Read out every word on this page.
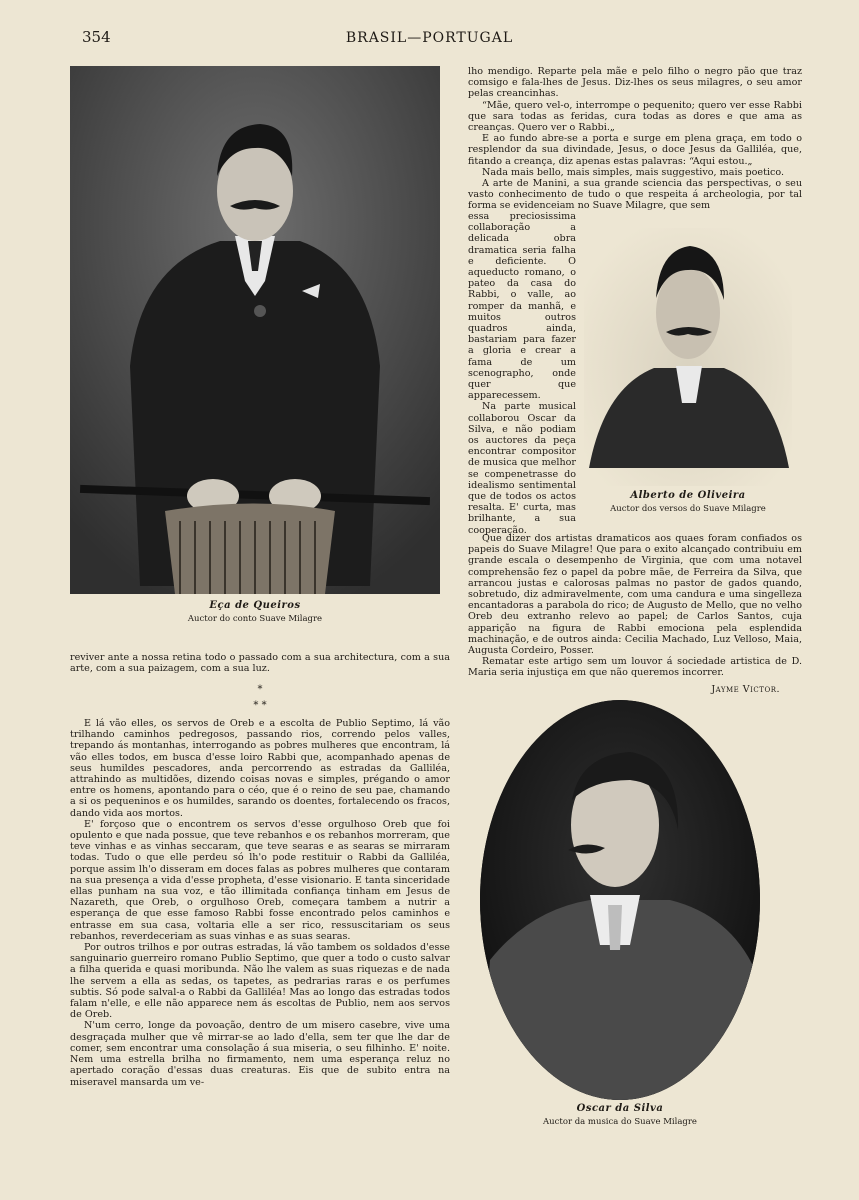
354	BRASIL—PORTUGAL
Eça de Queiros
Auctor do conto Suave Milagre

lho mendigo. Reparte pela mãe e pelo filho o negro pão que traz comsigo e fala-lhes de Jesus. Diz-lhes os seus milagres, o seu amor pelas creancinhas.

“Mãe, quero vel-o, interrompe o pequenito; quero ver esse Rabbi que sara todas as feridas, cura todas as dores e que ama as creanças. Quero ver o Rabbi.„

E ao fundo abre-se a porta e surge em plena graça, em todo o resplendor da sua divindade, Jesus, o doce Jesus da Galliléa, que, fitando a creança, diz apenas estas palavras: “Aqui estou.„

Nada mais bello, mais simples, mais suggestivo, mais poetico.

A arte de Manini, a sua grande sciencia das perspectivas, o seu vasto conhecimento de tudo o que respeita á archeologia, por tal forma se evidenceiam no Suave Milagre, que sem

essa preciosissima collaboração a delicada obra dramatica seria falha e deficiente. O aqueducto romano, o pateo da casa do Rabbi, o valle, ao romper da manhã, e muitos outros quadros ainda, bastariam para fazer a gloria e crear a fama de um scenographo, onde quer que apparecessem.

Na parte musical collaborou Oscar da Silva, e não podiam os auctores da peça encontrar compositor de musica que melhor se compenetrasse do idealismo sentimental que de todos os actos resalta. E' curta, mas brilhante, a sua cooperação.

Alberto de Oliveira
Auctor dos versos do Suave Milagre

Que dizer dos artistas dramaticos aos quaes foram confiados os papeis do Suave Milagre! Que para o exito alcançado contribuiu em grande escala o desempenho de Virginia, que com uma notavel comprehensão fez o papel da pobre mãe, de Ferreira da Silva, que arrancou justas e calorosas palmas no pastor de gados quando, sobretudo, diz admiravelmente, com uma candura e uma singelleza encantadoras a parabola do rico; de Augusto de Mello, que no velho Oreb deu extranho relevo ao papel; de Carlos Santos, cuja apparição na figura de Rabbi emociona pela esplendida machinação, e de outros ainda: Cecilia Machado, Luz Velloso, Maia, Augusta Cordeiro, Posser.

Rematar este artigo sem um louvor á sociedade artistica de D. Maria seria injustiça em que não queremos incorrer.

Jayme Victor.

reviver ante a nossa retina todo o passado com a sua architectura, com a sua arte, com a sua paizagem, com a sua luz.

*
* *

E lá vão elles, os servos de Oreb e a escolta de Publio Septimo, lá vão trilhando caminhos pedregosos, passando rios, correndo pelos valles, trepando ás montanhas, interrogando as pobres mulheres que encontram, lá vão elles todos, em busca d'esse loiro Rabbi que, acompanhado apenas de seus humildes pescadores, anda percorrendo as estradas da Galliléa, attrahindo as multidões, dizendo coisas novas e simples, prégando o amor entre os homens, apontando para o céo, que é o reino de seu pae, chamando a si os pequeninos e os humildes, sarando os doentes, fortalecendo os fracos, dando vida aos mortos.

E' forçoso que o encontrem os servos d'esse orgulhoso Oreb que foi opulento e que nada possue, que teve rebanhos e os rebanhos morreram, que teve vinhas e as vinhas seccaram, que teve searas e as searas se mirraram todas. Tudo o que elle perdeu só lh'o pode restituir o Rabbi da Galliléa, porque assim lh'o disseram em doces falas as pobres mulheres que contaram na sua presença a vida d'esse propheta, d'esse visionario. E tanta sinceridade ellas punham na sua voz, e tão illimitada confiança tinham em Jesus de Nazareth, que Oreb, o orgulhoso Oreb, começara tambem a nutrir a esperança de que esse famoso Rabbi fosse encontrado pelos caminhos e entrasse em sua casa, voltaria elle a ser rico, ressuscitariam os seus rebanhos, reverdeceriam as suas vinhas e as suas searas.

Por outros trilhos e por outras estradas, lá vão tambem os soldados d'esse sanguinario guerreiro romano Publio Septimo, que quer a todo o custo salvar a filha querida e quasi moribunda. Não lhe valem as suas riquezas e de nada lhe servem a ella as sedas, os tapetes, as pedrarias raras e os perfumes subtis. Só pode salval-a o Rabbi da Galliléa! Mas ao longo das estradas todos falam n'elle, e elle não apparece nem ás escoltas de Publio, nem aos servos de Oreb.

N'um cerro, longe da povoação, dentro de um misero casebre, vive uma desgraçada mulher que vê mirrar-se ao lado d'ella, sem ter que lhe dar de comer, sem encontrar uma consolação á sua miseria, o seu filhinho. E' noite. Nem uma estrella brilha no firmamento, nem uma esperança reluz no apertado coração d'essas duas creaturas. Eis que de subito entra na miseravel mansarda um ve-

Oscar da Silva
Auctor da musica do Suave Milagre
